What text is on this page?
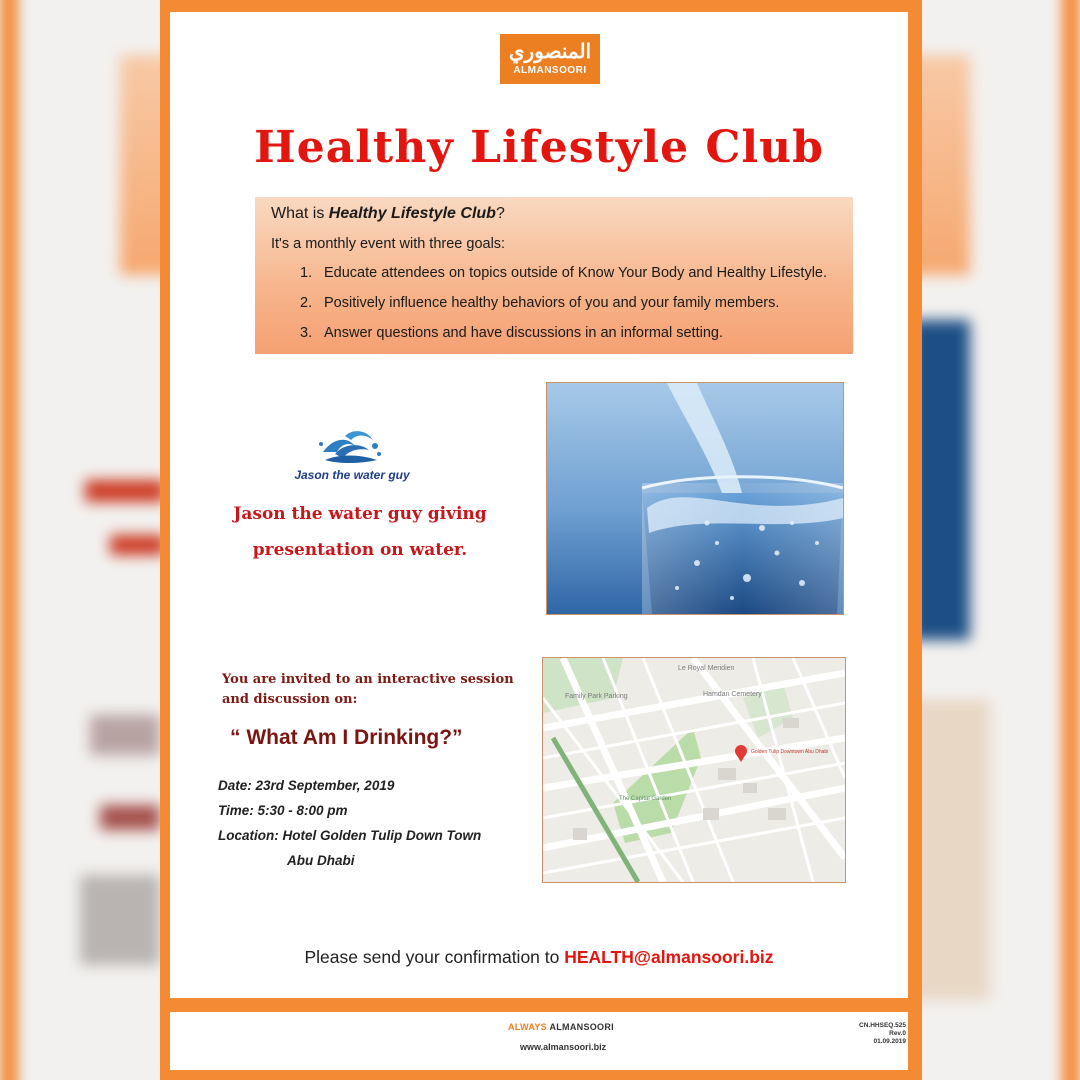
المنصوري
ALMANSOORI
Healthy Lifestyle Club
What is Healthy Lifestyle Club?
It's a monthly event with three goals:
1. Educate attendees on topics outside of Know Your Body and Healthy Lifestyle.
2. Positively influence healthy behaviors of you and your family members.
3. Answer questions and have discussions in an informal setting.
Jason the water guy
Jason the water guy giving
presentation on water.
You are invited to an interactive session
and discussion on:
“ What Am I Drinking?”
Date: 23rd September, 2019
Time: 5:30 - 8:00 pm
Location: Hotel Golden Tulip Down Town
Abu Dhabi
Le Royal Meridien
Family Park Parking	Hamdan Cemetery
The Capital Garden
Golden Tulip Downtown Abu Dhabi
Please send your confirmation to HEALTH@almansoori.biz
ALWAYS ALMANSOORI
www.almansoori.biz
CN.HHSEQ.525
Rev.0
01.09.2019
